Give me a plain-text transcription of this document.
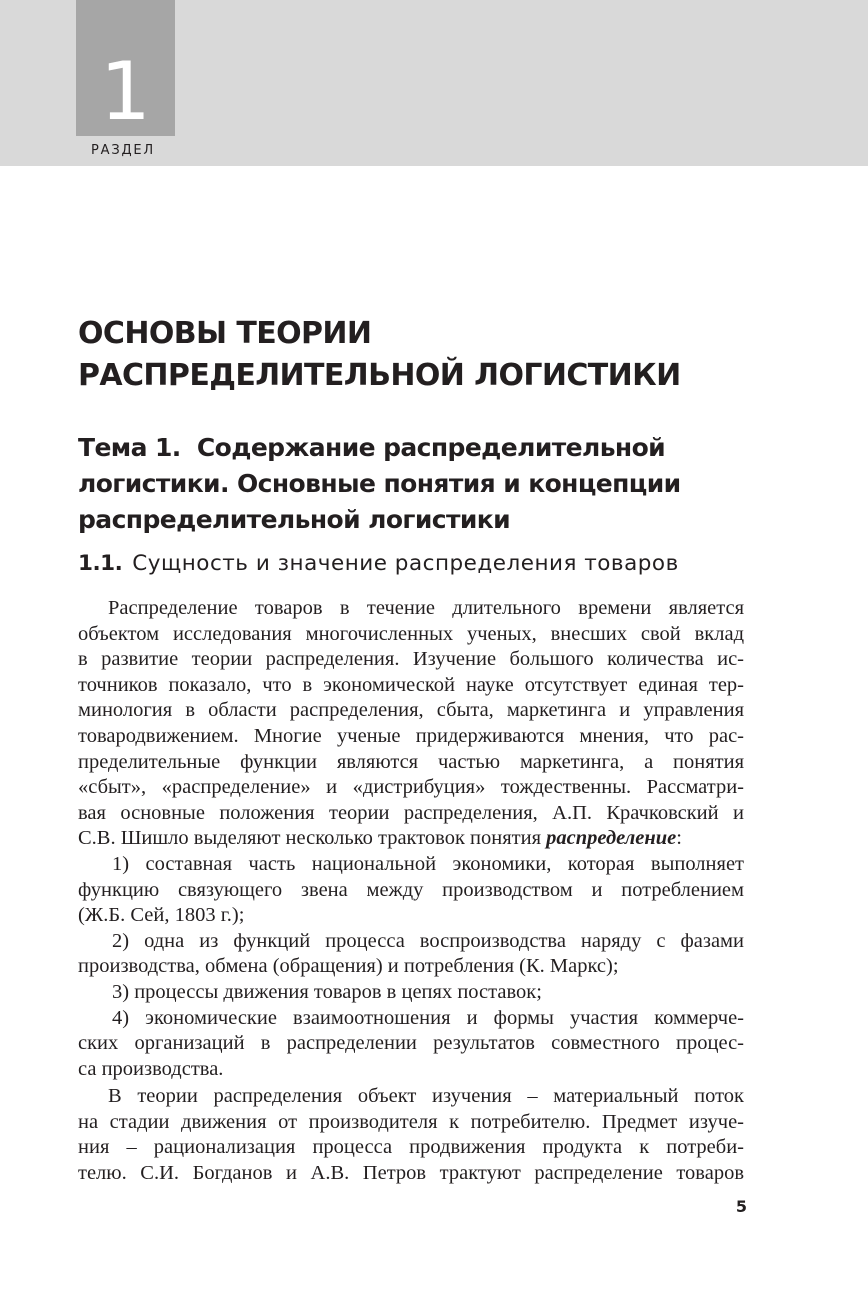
1
РАЗДЕЛ
ОСНОВЫ ТЕОРИИ
РАСПРЕДЕЛИТЕЛЬНОЙ ЛОГИСТИКИ
Тема 1.  Содержание распределительной
логистики. Основные понятия и концепции
распределительной логистики
1.1. Сущность и значение распределения товаров
Распределение товаров в течение длительного времени является
объектом исследования многочисленных ученых, внесших свой вклад
в развитие теории распределения. Изучение большого количества ис-
точников показало, что в экономической науке отсутствует единая тер-
минология в области распределения, сбыта, маркетинга и управления
товародвижением. Многие ученые придерживаются мнения, что рас-
пределительные функции являются частью маркетинга, а понятия
«сбыт», «распределение» и «дистрибуция» тождественны. Рассматри-
вая основные положения теории распределения, А.П. Крачковский и
С.В. Шишло выделяют несколько трактовок понятия распределение:
1) составная часть национальной экономики, которая выполняет
функцию связующего звена между производством и потреблением
(Ж.Б. Сей, 1803 г.);
2) одна из функций процесса воспроизводства наряду с фазами
производства, обмена (обращения) и потребления (К. Маркс);
3) процессы движения товаров в цепях поставок;
4) экономические взаимоотношения и формы участия коммерче-
ских организаций в распределении результатов совместного процес-
са производства.
В теории распределения объект изучения – материальный поток
на стадии движения от производителя к потребителю. Предмет изуче-
ния – рационализация процесса продвижения продукта к потреби-
телю. С.И. Богданов и А.В. Петров трактуют распределение товаров
5
